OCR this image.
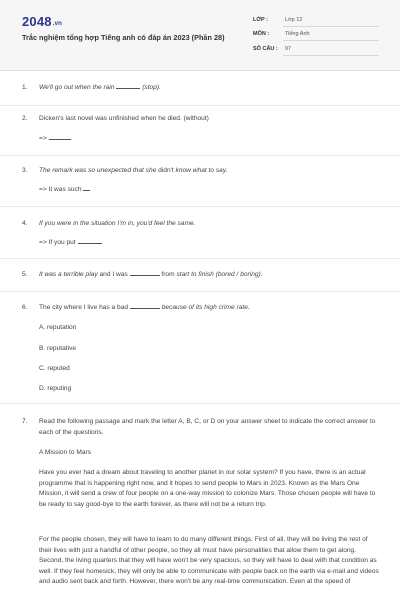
2048.vn
Trắc nghiệm tổng hợp Tiếng anh có đáp án 2023 (Phần 28)
LỚP :	Lớp 12
MÔN :	Tiếng Anh
SỐ CÂU : 97
1.	We'll go out when the rain	(stop).
2.	Dicken's last novel was unfinished when he died. (without)
=>
3.	The remark was so unexpected that she didn't know what to say.
=> It was such
4.	If you were in the situation I'm in, you'd feel the same.
=> If you put
5.	It was a terrible play and I was	from start to finish (bored / boring).
6.	The city where I live has a bad	because of its high crime rate.
A. reputation
B. reputative
C. reputed
D. reputing
7.	Read the following passage and mark the letter A, B, C, or D on your answer sheet to indicate the correct answer to each of the questions.
A Mission to Mars
Have you ever had a dream about traveling to another planet in our solar system? If you have, there is an actual programme that is happening right now, and it hopes to send people to Mars in 2023. Known as the Mars One Mission, it will send a crew of four people on a one-way mission to colonize Mars. Those chosen people will have to be ready to say good-bye to the earth forever, as there will not be a return trip.
For the people chosen, they will have to learn to do many different things. First of all, they will be living the rest of their lives with just a handful of other people, so they all must have personalities that allow them to get along. Second, the living quarters that they will have won't be very spacious, so they will have to deal with that condition as well. If they feel homesick, they will only be able to communicate with people back on the earth via e-mail and videos and audio sent back and forth. However, there won't be any real-time communication. Even at the speed of
